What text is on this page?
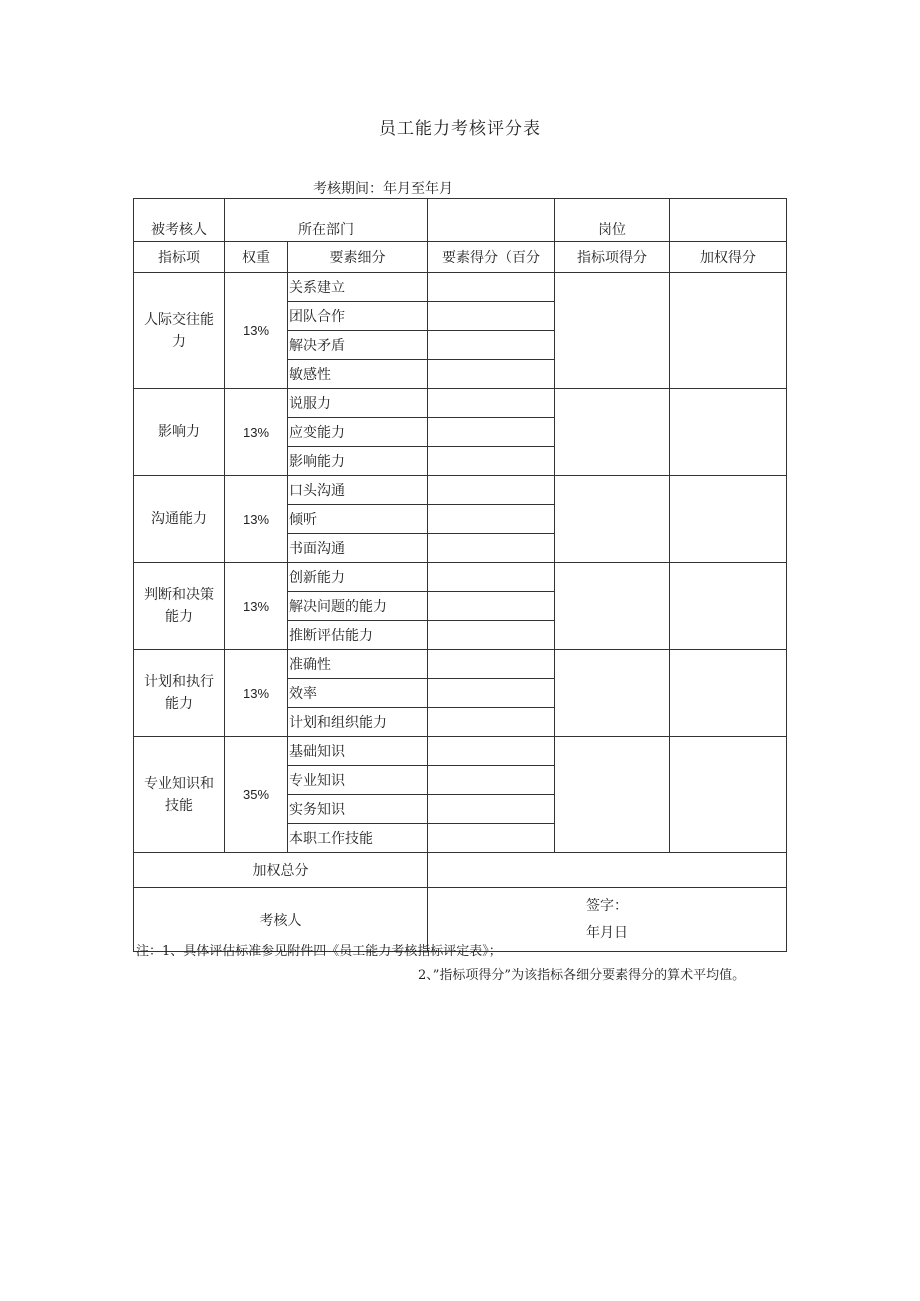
员工能力考核评分表
考核期间：年月至年月
被考核人	所在部门			岗位	
指标项	权重	要素细分	要素得分（百分	指标项得分	加权得分
人际交往能力	13%	关系建立			
		团队合作			
		解决矛盾			
		敏感性			
影响力	13%	说服力			
		应变能力			
		影响能力			
沟通能力	13%	口头沟通			
		倾听			
		书面沟通			
判断和决策能力	13%	创新能力			
		解决问题的能力			
		推断评估能力			
计划和执行能力	13%	准确性			
		效率			
		计划和组织能力			
专业知识和技能	35%	基础知识			
		专业知识			
		实务知识			
		本职工作技能			
加权总分					
考核人			签字：
年月日		
注：1、具体评估标准参见附件四《员工能力考核指标评定表》；
2、”指标项得分”为该指标各细分要素得分的算术平均值。
